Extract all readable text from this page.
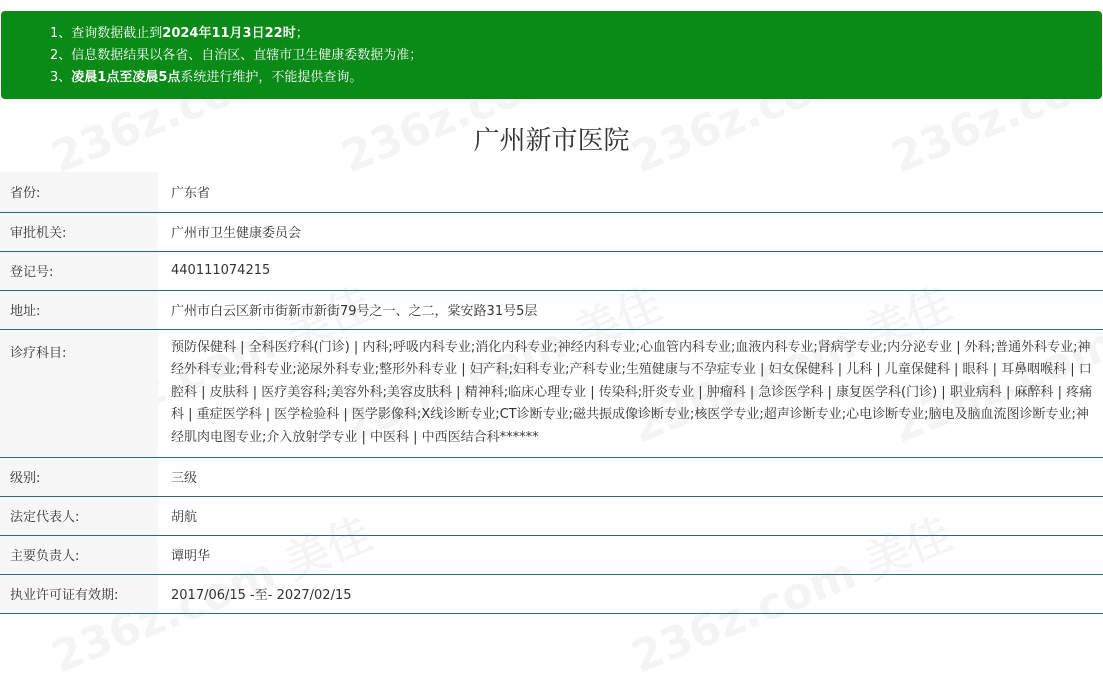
1、查询数据截止到2024年11月3日22时；
2、信息数据结果以各省、自治区、直辖市卫生健康委数据为准；
3、凌晨1点至凌晨5点系统进行维护，不能提供查询。
广州新市医院
省份:	广东省
审批机关:	广州市卫生健康委员会
登记号:	440111074215
地址:	广州市白云区新市街新市新街79号之一、之二，棠安路31号5层
诊疗科目:	预防保健科 | 全科医疗科(门诊) | 内科;呼吸内科专业;消化内科专业;神经内科专业;心血管内科专业;血液内科专业;肾病学专业;内分泌专业 | 外科;普通外科专业;神经外科专业;骨科专业;泌尿外科专业;整形外科专业 | 妇产科;妇科专业;产科专业;生殖健康与不孕症专业 | 妇女保健科 | 儿科 | 儿童保健科 | 眼科 | 耳鼻咽喉科 | 口腔科 | 皮肤科 | 医疗美容科;美容外科;美容皮肤科 | 精神科;临床心理专业 | 传染科;肝炎专业 | 肿瘤科 | 急诊医学科 | 康复医学科(门诊) | 职业病科 | 麻醉科 | 疼痛科 | 重症医学科 | 医学检验科 | 医学影像科;X线诊断专业;CT诊断专业;磁共振成像诊断专业;核医学专业;超声诊断专业;心电诊断专业;脑电及脑血流图诊断专业;神经肌肉电图专业;介入放射学专业 | 中医科 | 中西医结合科******
级别:	三级
法定代表人:	胡航
主要负责人:	谭明华
执业许可证有效期:	2017/06/15 -至- 2027/02/15
